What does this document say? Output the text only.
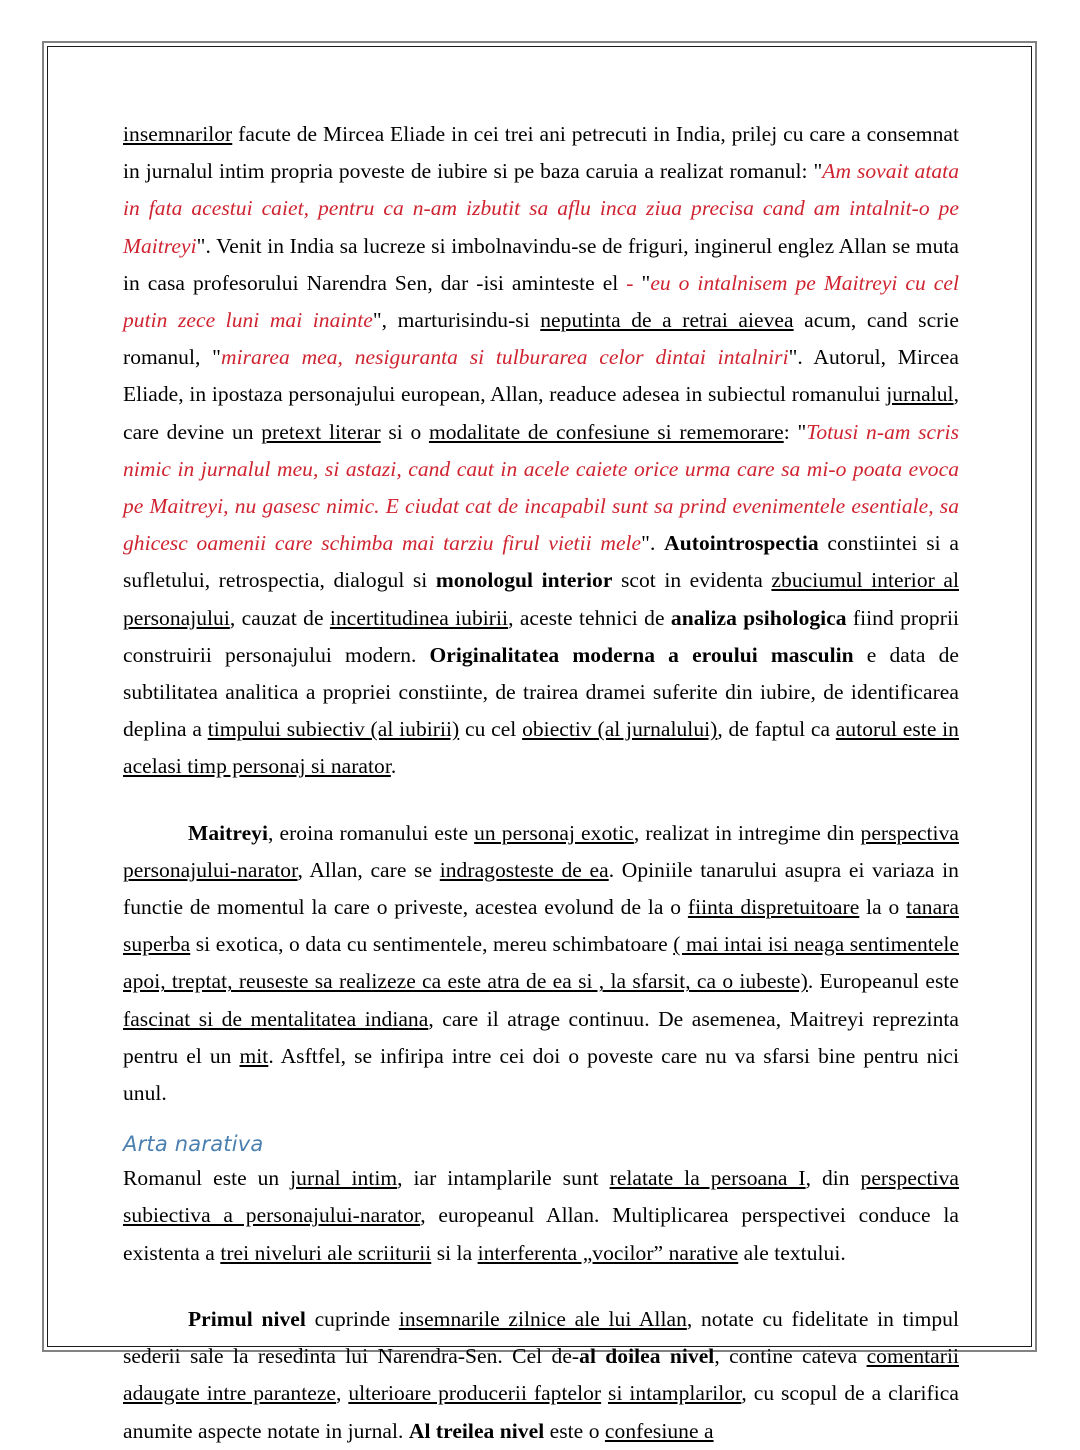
insemnarilor facute de Mircea Eliade in cei trei ani petrecuti in India, prilej cu care a consemnat in jurnalul intim propria poveste de iubire si pe baza caruia a realizat romanul: "Am sovait atata in fata acestui caiet, pentru ca n-am izbutit sa aflu inca ziua precisa cand am intalnit-o pe Maitreyi". Venit in India sa lucreze si imbolnavindu-se de friguri, inginerul englez Allan se muta in casa profesorului Narendra Sen, dar -isi aminteste el - "eu o intalnisem pe Maitreyi cu cel putin zece luni mai inainte", marturisindu-si neputinta de a retrai aievea acum, cand scrie romanul, "mirarea mea, nesiguranta si tulburarea celor dintai intalniri". Autorul, Mircea Eliade, in ipostaza personajului european, Allan, readuce adesea in subiectul romanului jurnalul, care devine un pretext literar si o modalitate de confesiune si rememorare: "Totusi n-am scris nimic in jurnalul meu, si astazi, cand caut in acele caiete orice urma care sa mi-o poata evoca pe Maitreyi, nu gasesc nimic. E ciudat cat de incapabil sunt sa prind evenimentele esentiale, sa ghicesc oamenii care schimba mai tarziu firul vietii mele". Autointrospectia constiintei si a sufletului, retrospectia, dialogul si monologul interior scot in evidenta zbuciumul interior al personajului, cauzat de incertitudinea iubirii, aceste tehnici de analiza psihologica fiind proprii construirii personajului modern. Originalitatea moderna a eroului masculin e data de subtilitatea analitica a propriei constiinte, de trairea dramei suferite din iubire, de identificarea deplina a timpului subiectiv (al iubirii) cu cel obiectiv (al jurnalului), de faptul ca autorul este in acelasi timp personaj si narator.

Maitreyi, eroina romanului este un personaj exotic, realizat in intregime din perspectiva personajului-narator, Allan, care se indragosteste de ea. Opiniile tanarului asupra ei variaza in functie de momentul la care o priveste, acestea evolund de la o fiinta dispretuitoare la o tanara superba si exotica, o data cu sentimentele, mereu schimbatoare ( mai intai isi neaga sentimentele apoi, treptat, reuseste sa realizeze ca este atra de ea si , la sfarsit, ca o iubeste). Europeanul este fascinat si de mentalitatea indiana, care il atrage continuu. De asemenea, Maitreyi reprezinta pentru el un mit. Asftfel, se infiripa intre cei doi o poveste care nu va sfarsi bine pentru nici unul.

Arta narativa

Romanul este un jurnal intim, iar intamplarile sunt relatate la persoana I, din perspectiva subiectiva a personajului-narator, europeanul Allan. Multiplicarea perspectivei conduce la existenta a trei niveluri ale scriiturii si la interferenta „vocilor” narative ale textului.

Primul nivel cuprinde insemnarile zilnice ale lui Allan, notate cu fidelitate in timpul sederii sale la resedinta lui Narendra-Sen. Cel de-al doilea nivel, contine cateva comentarii adaugate intre paranteze, ulterioare producerii faptelor si intamplarilor, cu scopul de a clarifica anumite aspecte notate in jurnal. Al treilea nivel este o confesiune a
